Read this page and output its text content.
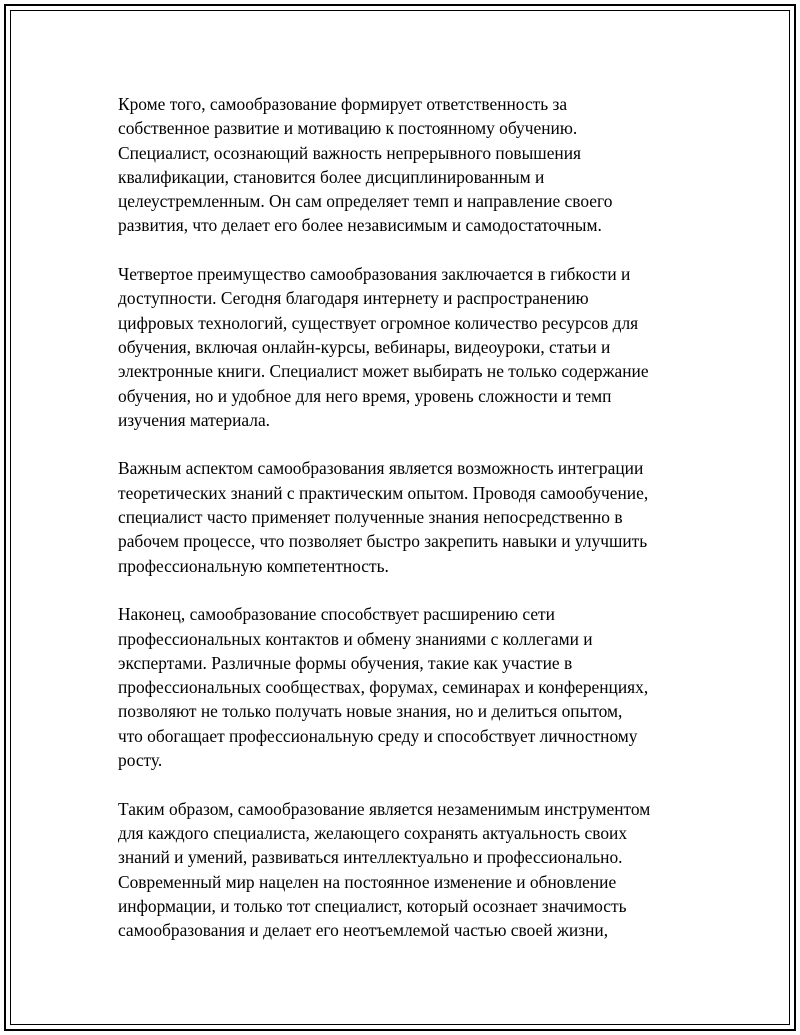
Кроме того, самообразование формирует ответственность за
собственное развитие и мотивацию к постоянному обучению.
Специалист, осознающий важность непрерывного повышения
квалификации, становится более дисциплинированным и
целеустремленным. Он сам определяет темп и направление своего
развития, что делает его более независимым и самодостаточным.

Четвертое преимущество самообразования заключается в гибкости и
доступности. Сегодня благодаря интернету и распространению
цифровых технологий, существует огромное количество ресурсов для
обучения, включая онлайн-курсы, вебинары, видеоуроки, статьи и
электронные книги. Специалист может выбирать не только содержание
обучения, но и удобное для него время, уровень сложности и темп
изучения материала.

Важным аспектом самообразования является возможность интеграции
теоретических знаний с практическим опытом. Проводя самообучение,
специалист часто применяет полученные знания непосредственно в
рабочем процессе, что позволяет быстро закрепить навыки и улучшить
профессиональную компетентность.

Наконец, самообразование способствует расширению сети
профессиональных контактов и обмену знаниями с коллегами и
экспертами. Различные формы обучения, такие как участие в
профессиональных сообществах, форумах, семинарах и конференциях,
позволяют не только получать новые знания, но и делиться опытом,
что обогащает профессиональную среду и способствует личностному
росту.

Таким образом, самообразование является незаменимым инструментом
для каждого специалиста, желающего сохранять актуальность своих
знаний и умений, развиваться интеллектуально и профессионально.
Современный мир нацелен на постоянное изменение и обновление
информации, и только тот специалист, который осознает значимость
самообразования и делает его неотъемлемой частью своей жизни,
